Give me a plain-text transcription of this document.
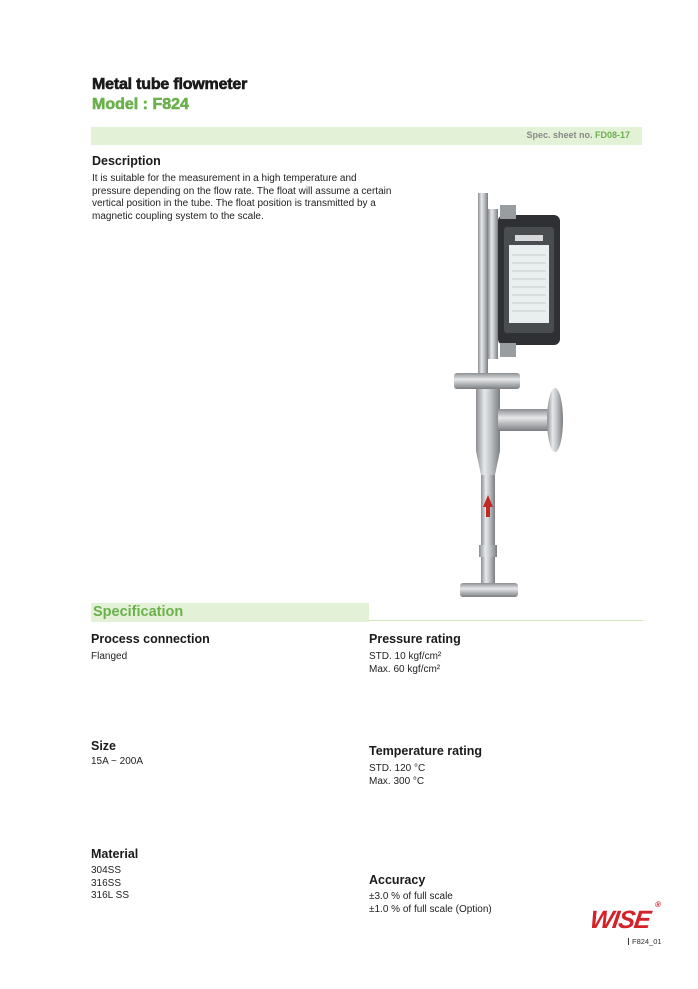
Metal tube flowmeter
Model : F824
Spec. sheet no. FD08-17
Description
It is suitable for the measurement in a high temperature and pressure depending on the flow rate. The float will assume a certain vertical position in the tube. The float position is transmitted by a magnetic coupling system to the scale.
Specification
Process connection
Flanged
Size
15A ~ 200A
Material
304SS
316SS
316L SS
Pressure rating
STD. 10 kgf/cm²
Max. 60 kgf/cm²
Temperature rating
STD. 120 °C
Max. 300 °C
Accuracy
±3.0 % of full scale
±1.0 % of full scale (Option)	WISE®
F824_01
